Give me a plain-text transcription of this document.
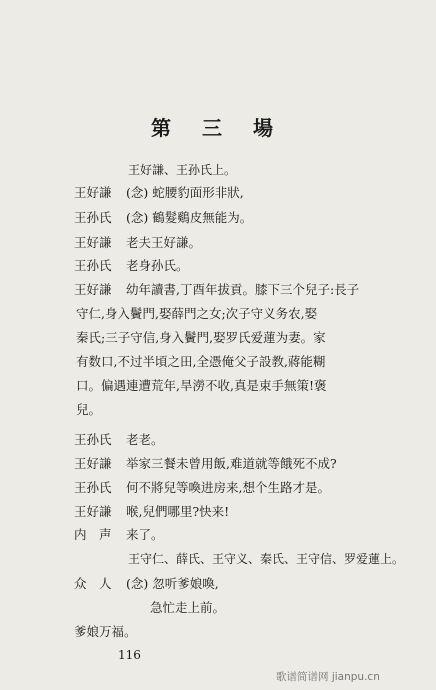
第 三 場
王好謙、王孙氏上。
王好謙 (念) 蛇腰豹面形非狀,
王孙氏 (念) 鶴髮鷄皮無能为。
王好謙 老夫王好謙。
王孙氏 老身孙氏。
王好謙 幼年讀書,丁酉年拔貢。膝下三个兒子:長子
守仁,身入鬢門,娶薛門之女;次子守义务农,娶
秦氏;三子守信,身入鬢門,娶罗氏爱蓮为妻。家
有数口,不过半頃之田,全憑俺父子設教,蔣能糊
口。偏遇連遭荒年,旱澇不收,真是束手無策!褒
兒。
王孙氏 老老。
王好謙 举家三餐未曾用飯,难道就等餓死不成?
王孙氏 何不將兒等喚进房来,想个生路才是。
王好謙 喉,兒們哪里?快来!
内　声 来了。
王守仁、薛氏、王守义、秦氏、王守信、罗爱蓮上。
众　人 (念) 忽听爹娘喚,
急忙走上前。
爹娘万福。
116
歌谱简谱网 jianpu.cn
